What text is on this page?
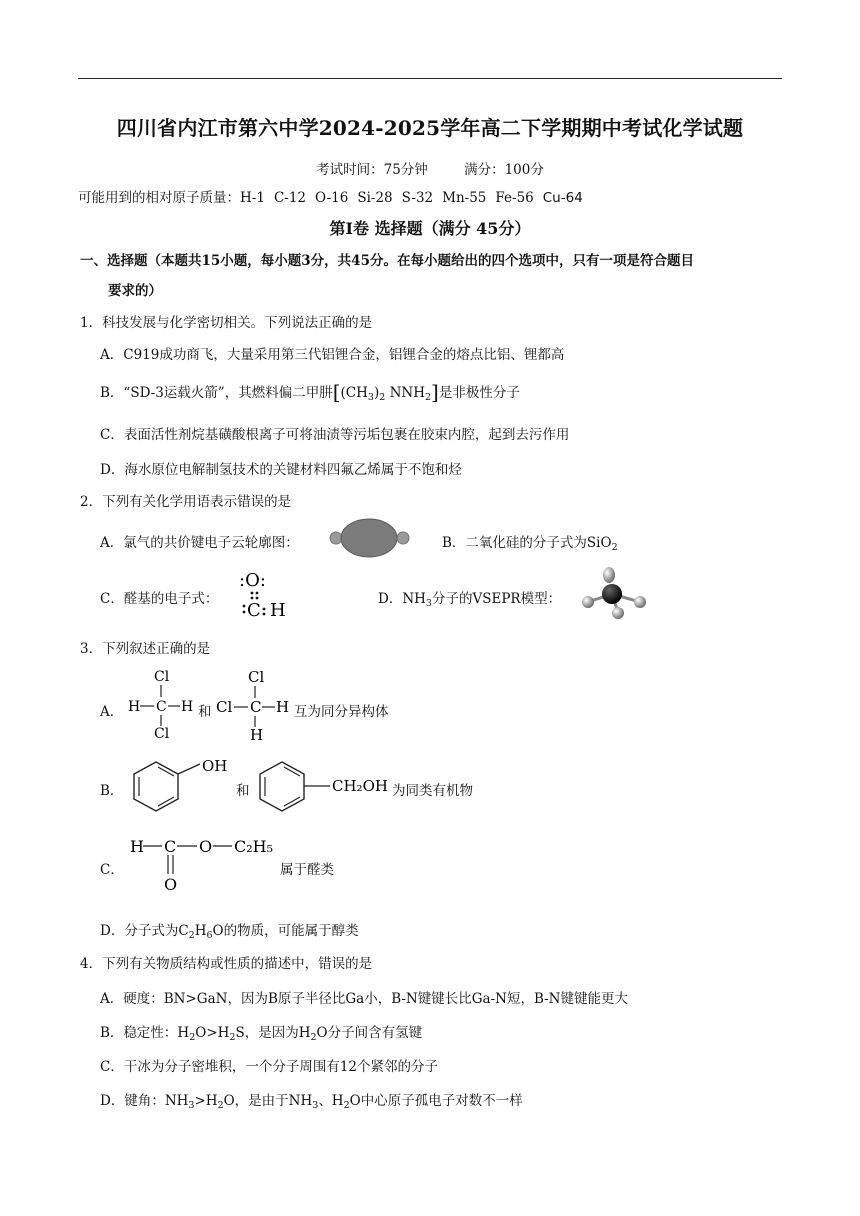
四川省内江市第六中学2024-2025学年高二下学期期中考试化学试题
考试时间：75分钟	满分：100分
可能用到的相对原子质量：H-1 C-12 O-16 Si-28 S-32 Mn-55 Fe-56 Cu-64
第Ⅰ卷 选择题（满分 45分）
一、选择题（本题共15小题，每小题3分，共45分。在每小题给出的四个选项中，只有一项是符合题目
要求的）
1．科技发展与化学密切相关。下列说法正确的是
A．C919成功商飞，大量采用第三代铝锂合金，铝锂合金的熔点比铝、锂都高
B．“SD-3运载火箭”，其燃料偏二甲肼[$(CH_3)_2$ $NNH_2$]是非极性分子
C．表面活性剂烷基磺酸根离子可将油渍等污垢包裹在胶束内腔，起到去污作用
D．海水原位电解制氢技术的关键材料四氟乙烯属于不饱和烃
2．下列有关化学用语表示错误的是
A．氯气的共价键电子云轮廓图：	B．二氧化硅的分子式为SiO$_2$
C．醛基的电子式：
:O:
C H
D．$NH_3$分子的VSEPR模型：
3．下列叙述正确的是
A．
Cl
C
H	H
Cl
和
Cl
Cl C H
H
互为同分异构体
B．
OH
和	CH₂OH 为同类有机物
C．
H C O C₂H₅
O
属于醛类
D．分子式为$C_2H_6O$的物质，可能属于醇类
4．下列有关物质结构或性质的描述中，错误的是
A．硬度：BN>GaN，因为B原子半径比Ga小，B-N键键长比Ga-N短，B-N键键能更大
B．稳定性：$H_2O>H_2S$，是因为$H_2O$分子间含有氢键
C．干冰为分子密堆积，一个分子周围有12个紧邻的分子
D．键角：$NH_3>H_2O$，是由于$NH_3$、$H_2O$中心原子孤电子对数不一样
